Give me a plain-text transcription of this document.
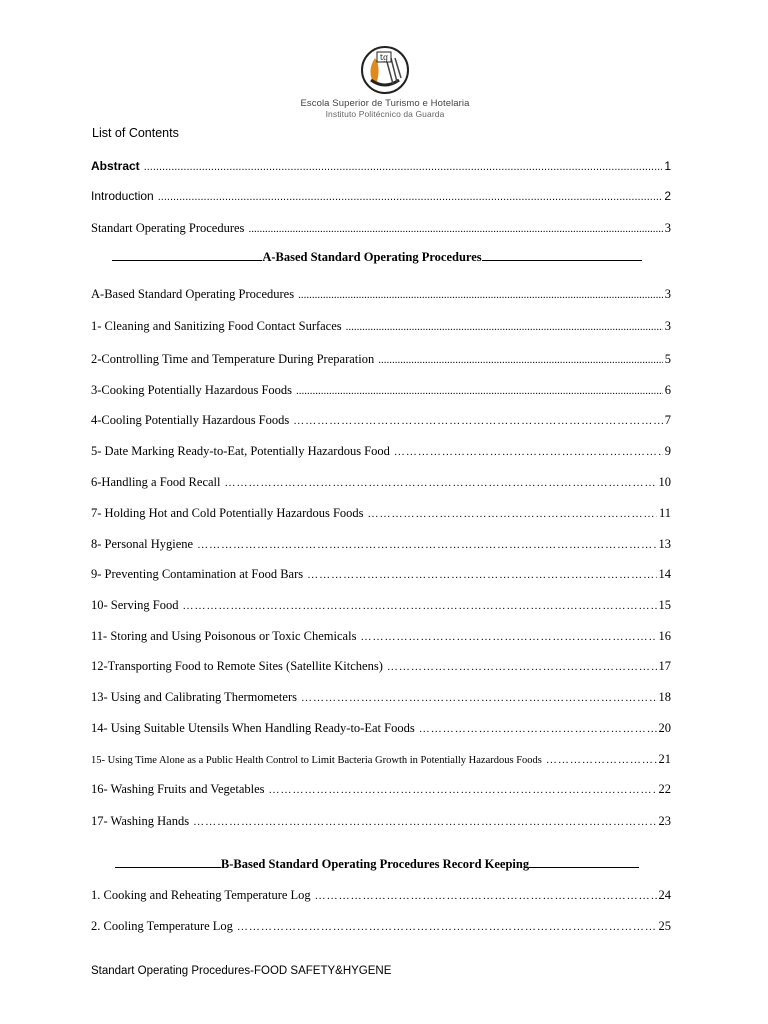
tg
Escola Superior de Turismo e Hotelaria
Instituto Politécnico da Guarda
List of Contents
Abstract .....	1
Introduction .....	2
Standart Operating Procedures .....	3
A-Based Standard Operating Procedures
A-Based Standard Operating Procedures .....	3
1- Cleaning and Sanitizing Food Contact Surfaces .....	3
2-Controlling Time and Temperature During Preparation .....	5
3-Cooking Potentially Hazardous Foods .....	6
4-Cooling Potentially Hazardous Foods …………………………………………………………………………………………………………………………………………………………………………………………………	7
5- Date Marking Ready-to-Eat, Potentially Hazardous Food …………………………………………………………………………………………………………………………………………………………………………………………………	9
6-Handling a Food Recall …………………………………………………………………………………………………………………………………………………………………………………………………	10
7- Holding Hot and Cold Potentially Hazardous Foods …………………………………………………………………………………………………………………………………………………………………………………………………	11
8- Personal Hygiene …………………………………………………………………………………………………………………………………………………………………………………………………	13
9- Preventing Contamination at Food Bars …………………………………………………………………………………………………………………………………………………………………………………………………	14
10- Serving Food …………………………………………………………………………………………………………………………………………………………………………………………………	15
11- Storing and Using Poisonous or Toxic Chemicals …………………………………………………………………………………………………………………………………………………………………………………………………	16
12-Transporting Food to Remote Sites (Satellite Kitchens) …………………………………………………………………………………………………………………………………………………………………………………………………	17
13- Using and Calibrating Thermometers …………………………………………………………………………………………………………………………………………………………………………………………………	18
14- Using Suitable Utensils When Handling Ready-to-Eat Foods …………………………………………………………………………………………………………………………………………………………………………………………………	20
15- Using Time Alone as a Public Health Control to Limit Bacteria Growth in Potentially Hazardous Foods …………………………………………………………………………………………………………………………………………………………………………………………………	21
16- Washing Fruits and Vegetables …………………………………………………………………………………………………………………………………………………………………………………………………	22
17- Washing Hands …………………………………………………………………………………………………………………………………………………………………………………………………	23
B-Based Standard Operating Procedures Record Keeping
1. Cooking and Reheating Temperature Log …………………………………………………………………………………………………………………………………………………………………………………………………	24
2. Cooling Temperature Log …………………………………………………………………………………………………………………………………………………………………………………………………	25
Standart Operating Procedures-FOOD SAFETY&HYGENE
